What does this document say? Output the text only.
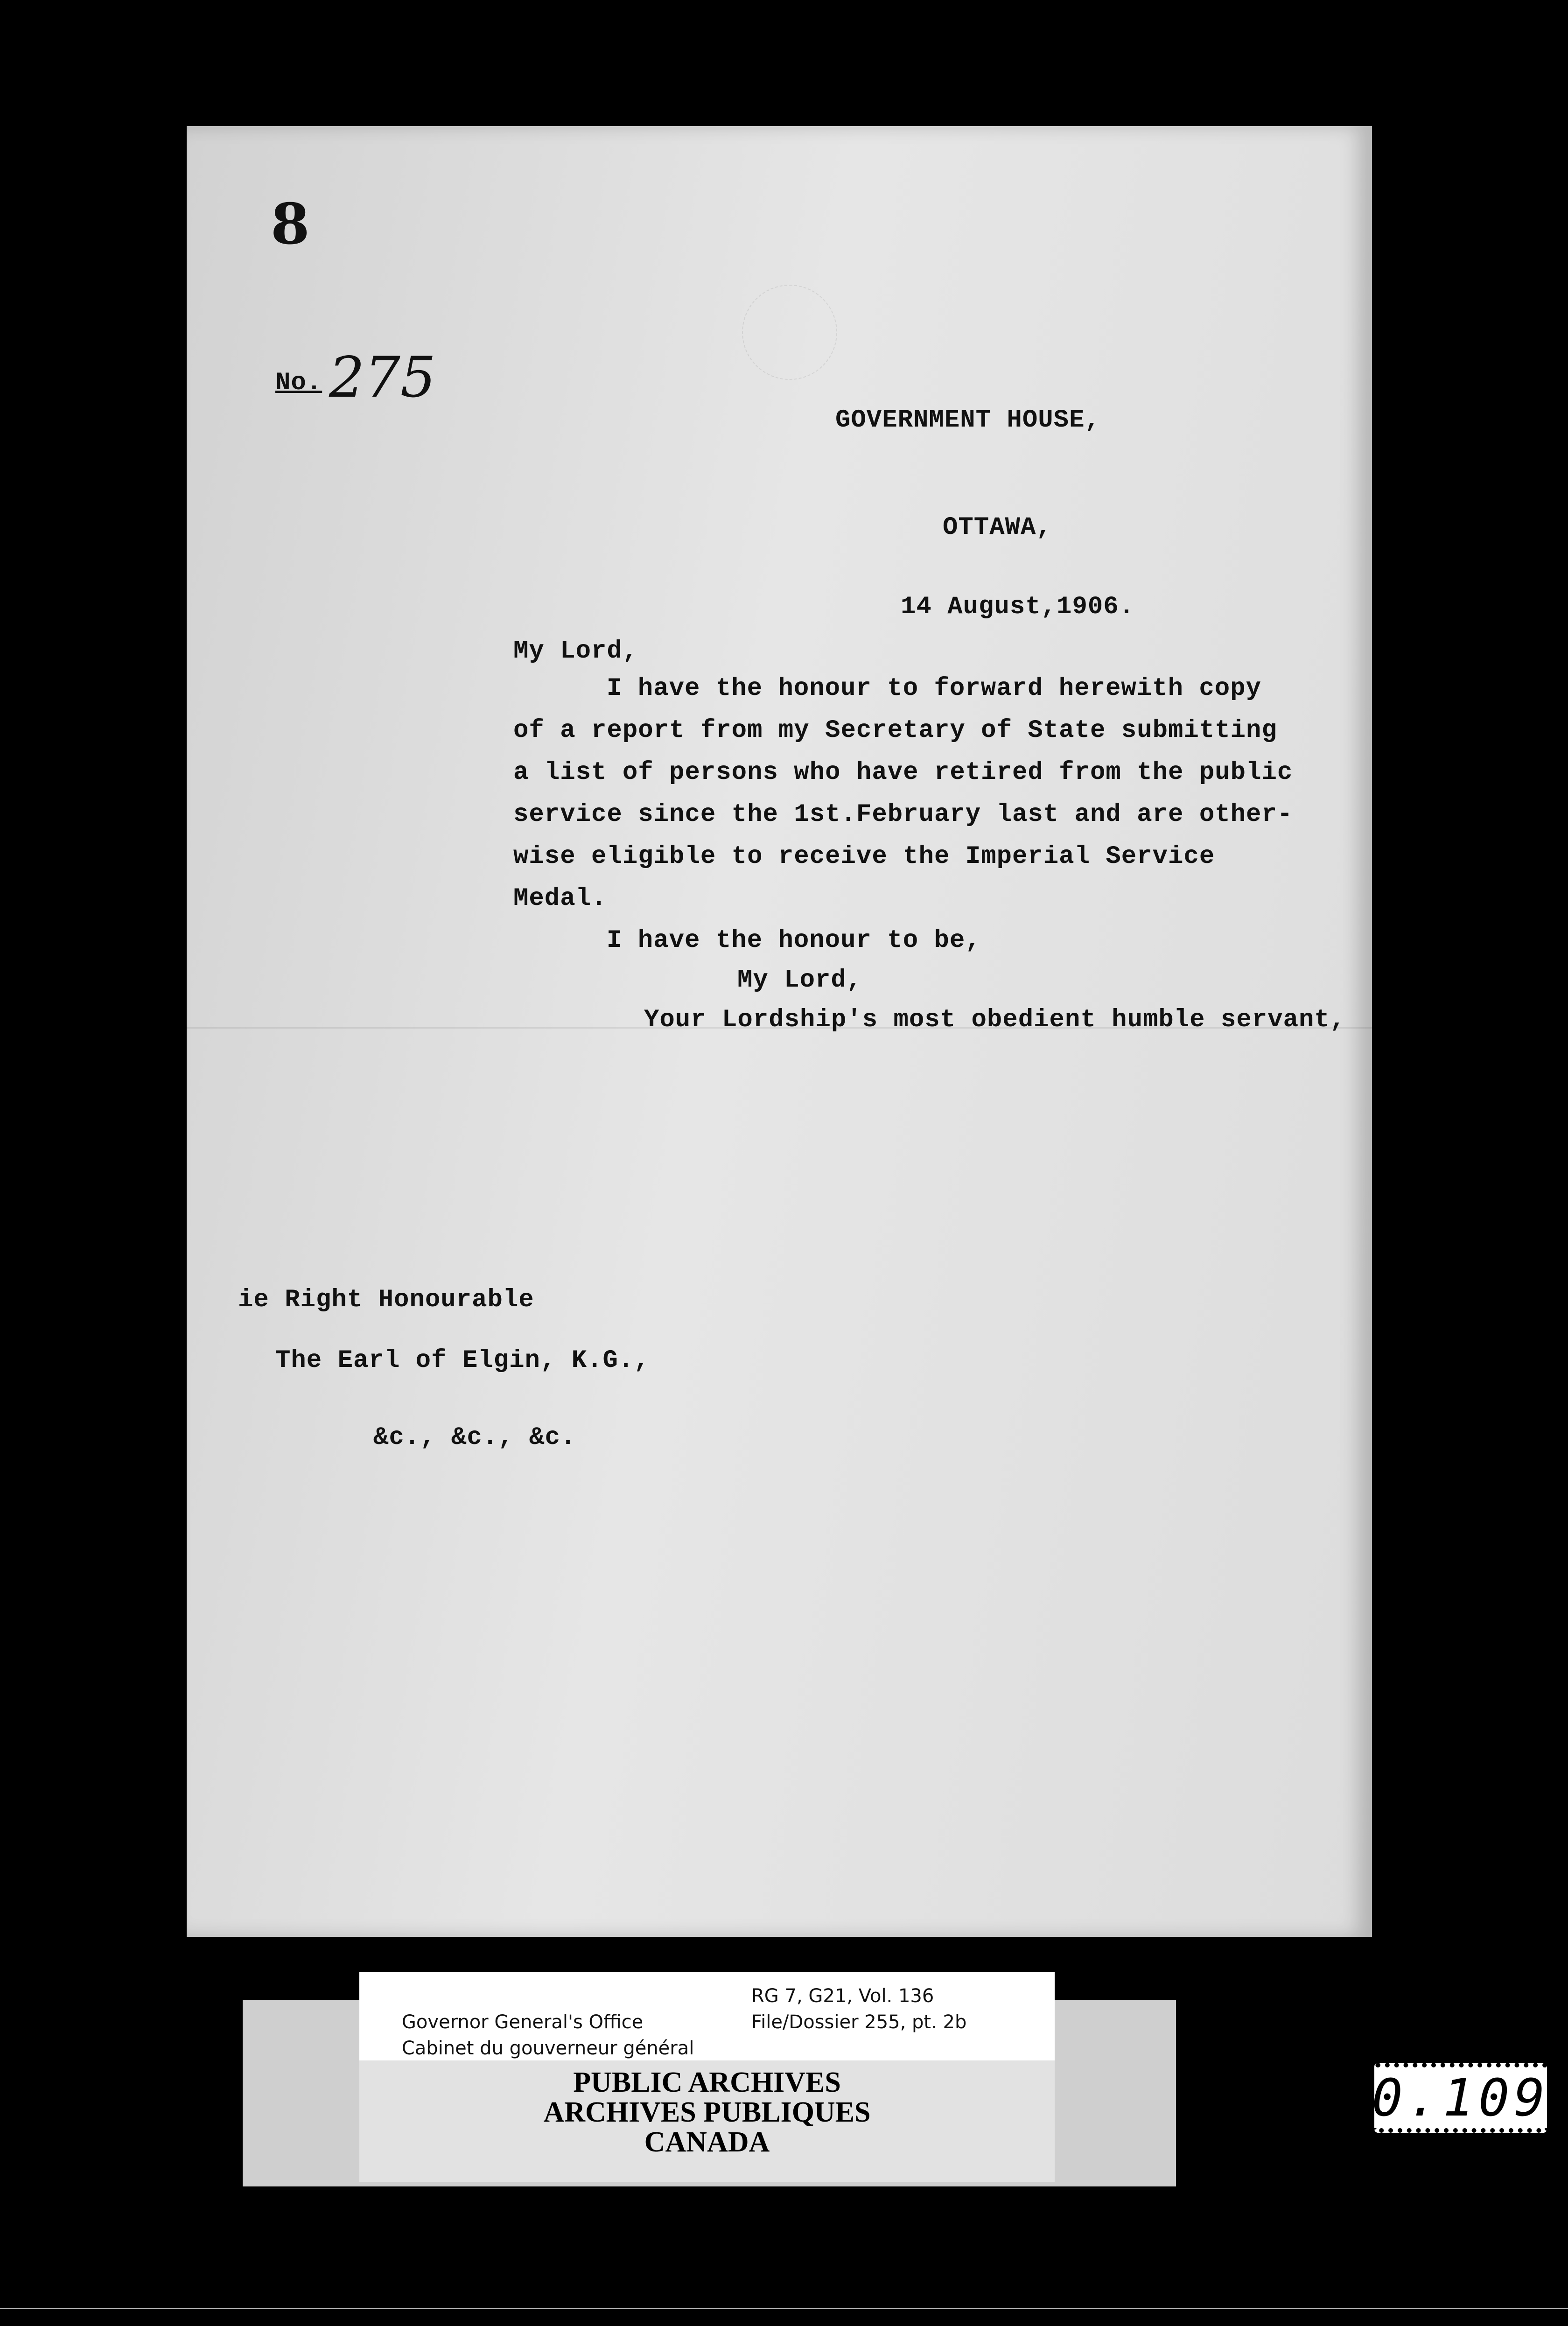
8
No. 275
GOVERNMENT HOUSE,
OTTAWA,
14 August,1906.
My Lord,
I have the honour to forward herewith copy
of a report from my Secretary of State submitting
a list of persons who have retired from the public
service since the 1st.February last and are other-
wise eligible to receive the Imperial Service
Medal.
I have the honour to be,
My Lord,
Your Lordship's most obedient humble servant,
ie Right Honourable
The Earl of Elgin, K.G.,
&c., &c., &c.

Governor General's Office

RG 7, G21, Vol. 136

Cabinet du gouverneur général

File/Dossier 255, pt. 2b

PUBLIC ARCHIVES
ARCHIVES PUBLIQUES
CANADA
0.109
